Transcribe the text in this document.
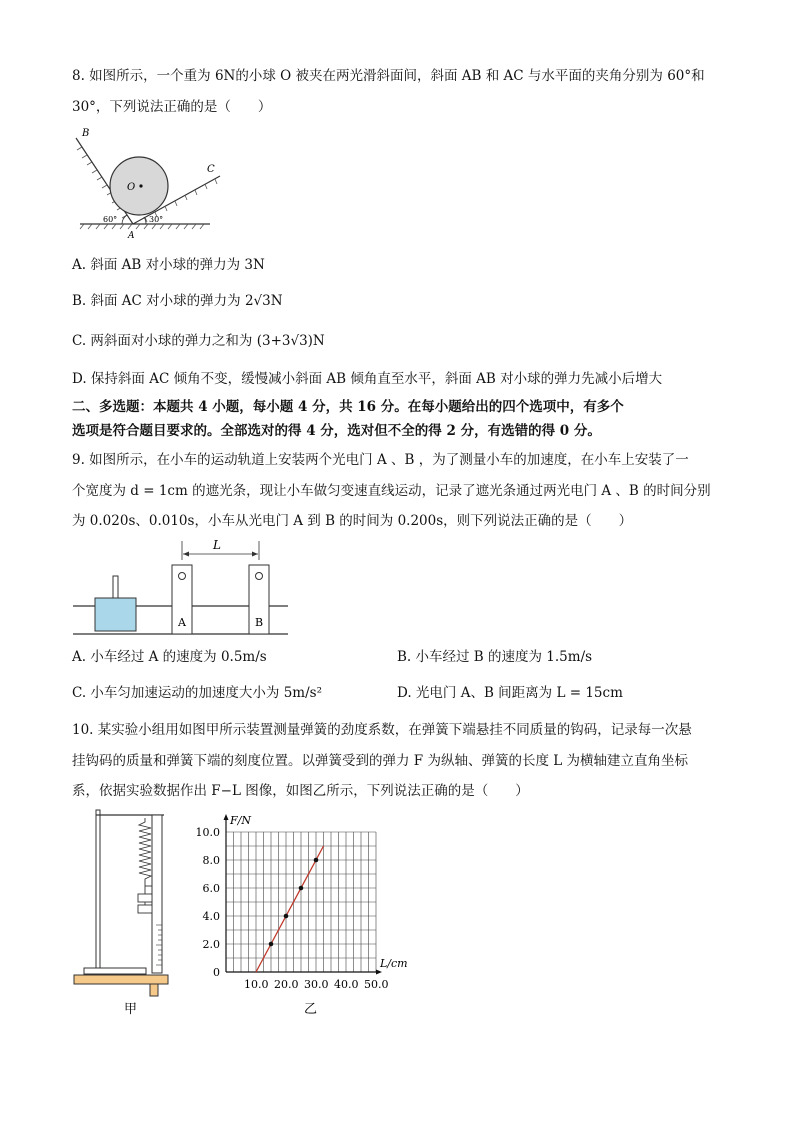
8. 如图所示，一个重为 6N的小球 O 被夹在两光滑斜面间，斜面 AB 和 AC 与水平面的夹角分别为 60°和
30°，下列说法正确的是（　　）
B
C
O
A
60°	30°
A. 斜面 AB 对小球的弹力为 3N
B. 斜面 AC 对小球的弹力为 2√3N
C. 两斜面对小球的弹力之和为 (3+3√3)N
D. 保持斜面 AC 倾角不变，缓慢减小斜面 AB 倾角直至水平，斜面 AB 对小球的弹力先减小后增大
二、多选题：本题共 4 小题，每小题 4 分，共 16 分。在每小题给出的四个选项中，有多个
选项是符合题目要求的。全部选对的得 4 分，选对但不全的得 2 分，有选错的得 0 分。
9. 如图所示，在小车的运动轨道上安装两个光电门 A 、B ，为了测量小车的加速度，在小车上安装了一
个宽度为 d = 1cm 的遮光条，现让小车做匀变速直线运动，记录了遮光条通过两光电门 A 、B 的时间分别
为 0.020s、0.010s，小车从光电门 A 到 B 的时间为 0.200s，则下列说法正确的是（　　）
L
A	B
A. 小车经过 A 的速度为 0.5m/s	B. 小车经过 B 的速度为 1.5m/s
C. 小车匀加速运动的加速度大小为 5m/s²	D. 光电门 A、B 间距离为 L = 15cm
10. 某实验小组用如图甲所示装置测量弹簧的劲度系数，在弹簧下端悬挂不同质量的钩码，记录每一次悬
挂钩码的质量和弹簧下端的刻度位置。以弹簧受到的弹力 F 为纵轴、弹簧的长度 L 为横轴建立直角坐标
系，依据实验数据作出 F−L 图像，如图乙所示，下列说法正确的是（　　）
甲
F/N
L/cm
10.0 20.0 30.0 40.0 50.0
0
2.0
4.0
6.0
8.0
10.0
乙
